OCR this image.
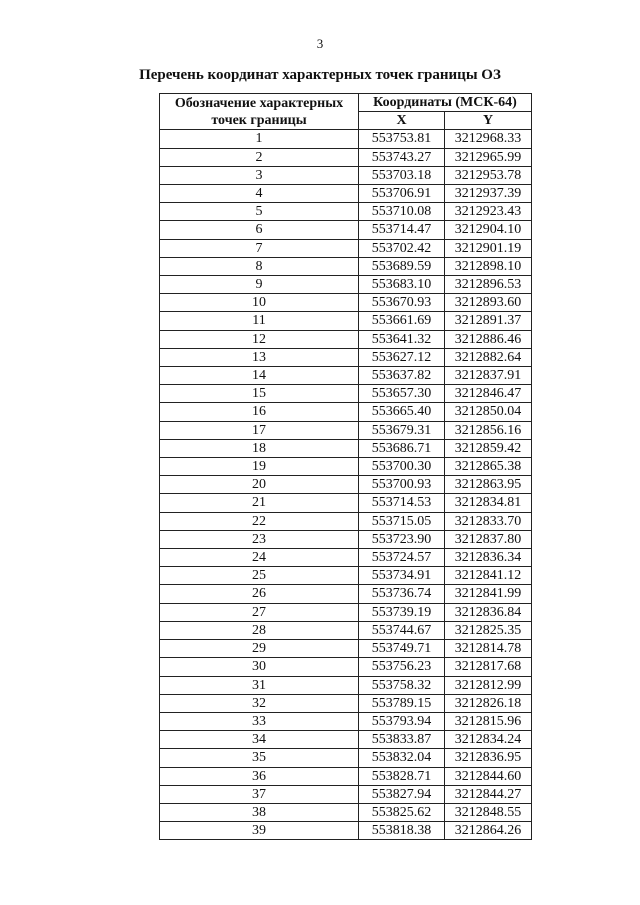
3
Перечень координат характерных точек границы ОЗ
Обозначение характерных
точек границы	Координаты (МСК-64)	
	X	Y
1	553753.81	3212968.33
2	553743.27	3212965.99
3	553703.18	3212953.78
4	553706.91	3212937.39
5	553710.08	3212923.43
6	553714.47	3212904.10
7	553702.42	3212901.19
8	553689.59	3212898.10
9	553683.10	3212896.53
10	553670.93	3212893.60
11	553661.69	3212891.37
12	553641.32	3212886.46
13	553627.12	3212882.64
14	553637.82	3212837.91
15	553657.30	3212846.47
16	553665.40	3212850.04
17	553679.31	3212856.16
18	553686.71	3212859.42
19	553700.30	3212865.38
20	553700.93	3212863.95
21	553714.53	3212834.81
22	553715.05	3212833.70
23	553723.90	3212837.80
24	553724.57	3212836.34
25	553734.91	3212841.12
26	553736.74	3212841.99
27	553739.19	3212836.84
28	553744.67	3212825.35
29	553749.71	3212814.78
30	553756.23	3212817.68
31	553758.32	3212812.99
32	553789.15	3212826.18
33	553793.94	3212815.96
34	553833.87	3212834.24
35	553832.04	3212836.95
36	553828.71	3212844.60
37	553827.94	3212844.27
38	553825.62	3212848.55
39	553818.38	3212864.26
